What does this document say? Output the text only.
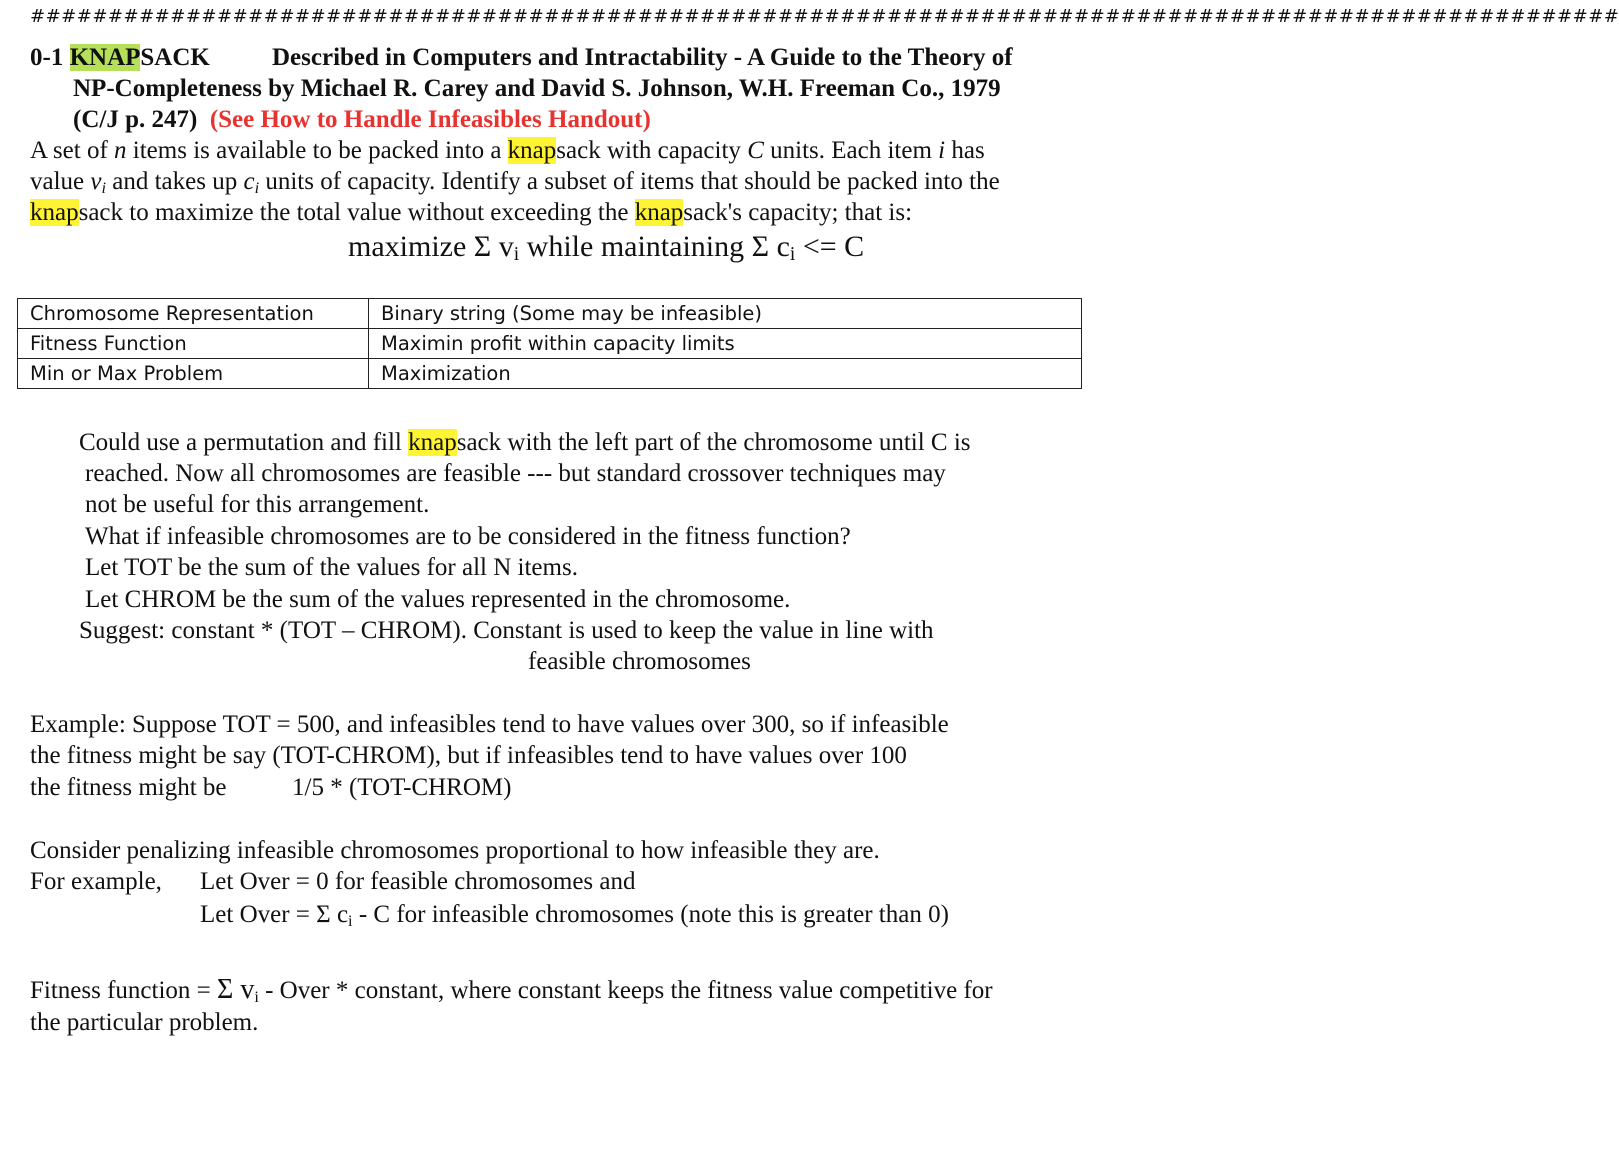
######################################################################################################
0-1 KNAPSACK Described in Computers and Intractability - A Guide to the Theory of
NP-Completeness by Michael R. Carey and David S. Johnson, W.H. Freeman Co., 1979
(C/J p. 247) (See How to Handle Infeasibles Handout)
A set of n items is available to be packed into a knapsack with capacity C units. Each item i has
value $v_i$ and takes up $c_i$ units of capacity. Identify a subset of items that should be packed into the
knapsack to maximize the total value without exceeding the knapsack's capacity; that is:
maximize Σ $v_i$ while maintaining Σ $c_i <= C$
Chromosome Representation	Binary string (Some may be infeasible)
Fitness Function	Maximin profit within capacity limits
Min or Max Problem	Maximization
Could use a permutation and fill knapsack with the left part of the chromosome until C is
reached. Now all chromosomes are feasible --- but standard crossover techniques may
not be useful for this arrangement.
What if infeasible chromosomes are to be considered in the fitness function?
Let TOT be the sum of the values for all N items.
Let CHROM be the sum of the values represented in the chromosome.
Suggest: constant * (TOT – CHROM). Constant is used to keep the value in line with
feasible chromosomes
Example: Suppose TOT = 500, and infeasibles tend to have values over 300, so if infeasible
the fitness might be say (TOT-CHROM), but if infeasibles tend to have values over 100
the fitness might be	1/5 * (TOT-CHROM)
Consider penalizing infeasible chromosomes proportional to how infeasible they are.
For example, Let Over = 0 for feasible chromosomes and
Let Over = Σ $c_i$ - C for infeasible chromosomes (note this is greater than 0)
Fitness function = Σ $v_i$ - Over * constant, where constant keeps the fitness value competitive for
the particular problem.
